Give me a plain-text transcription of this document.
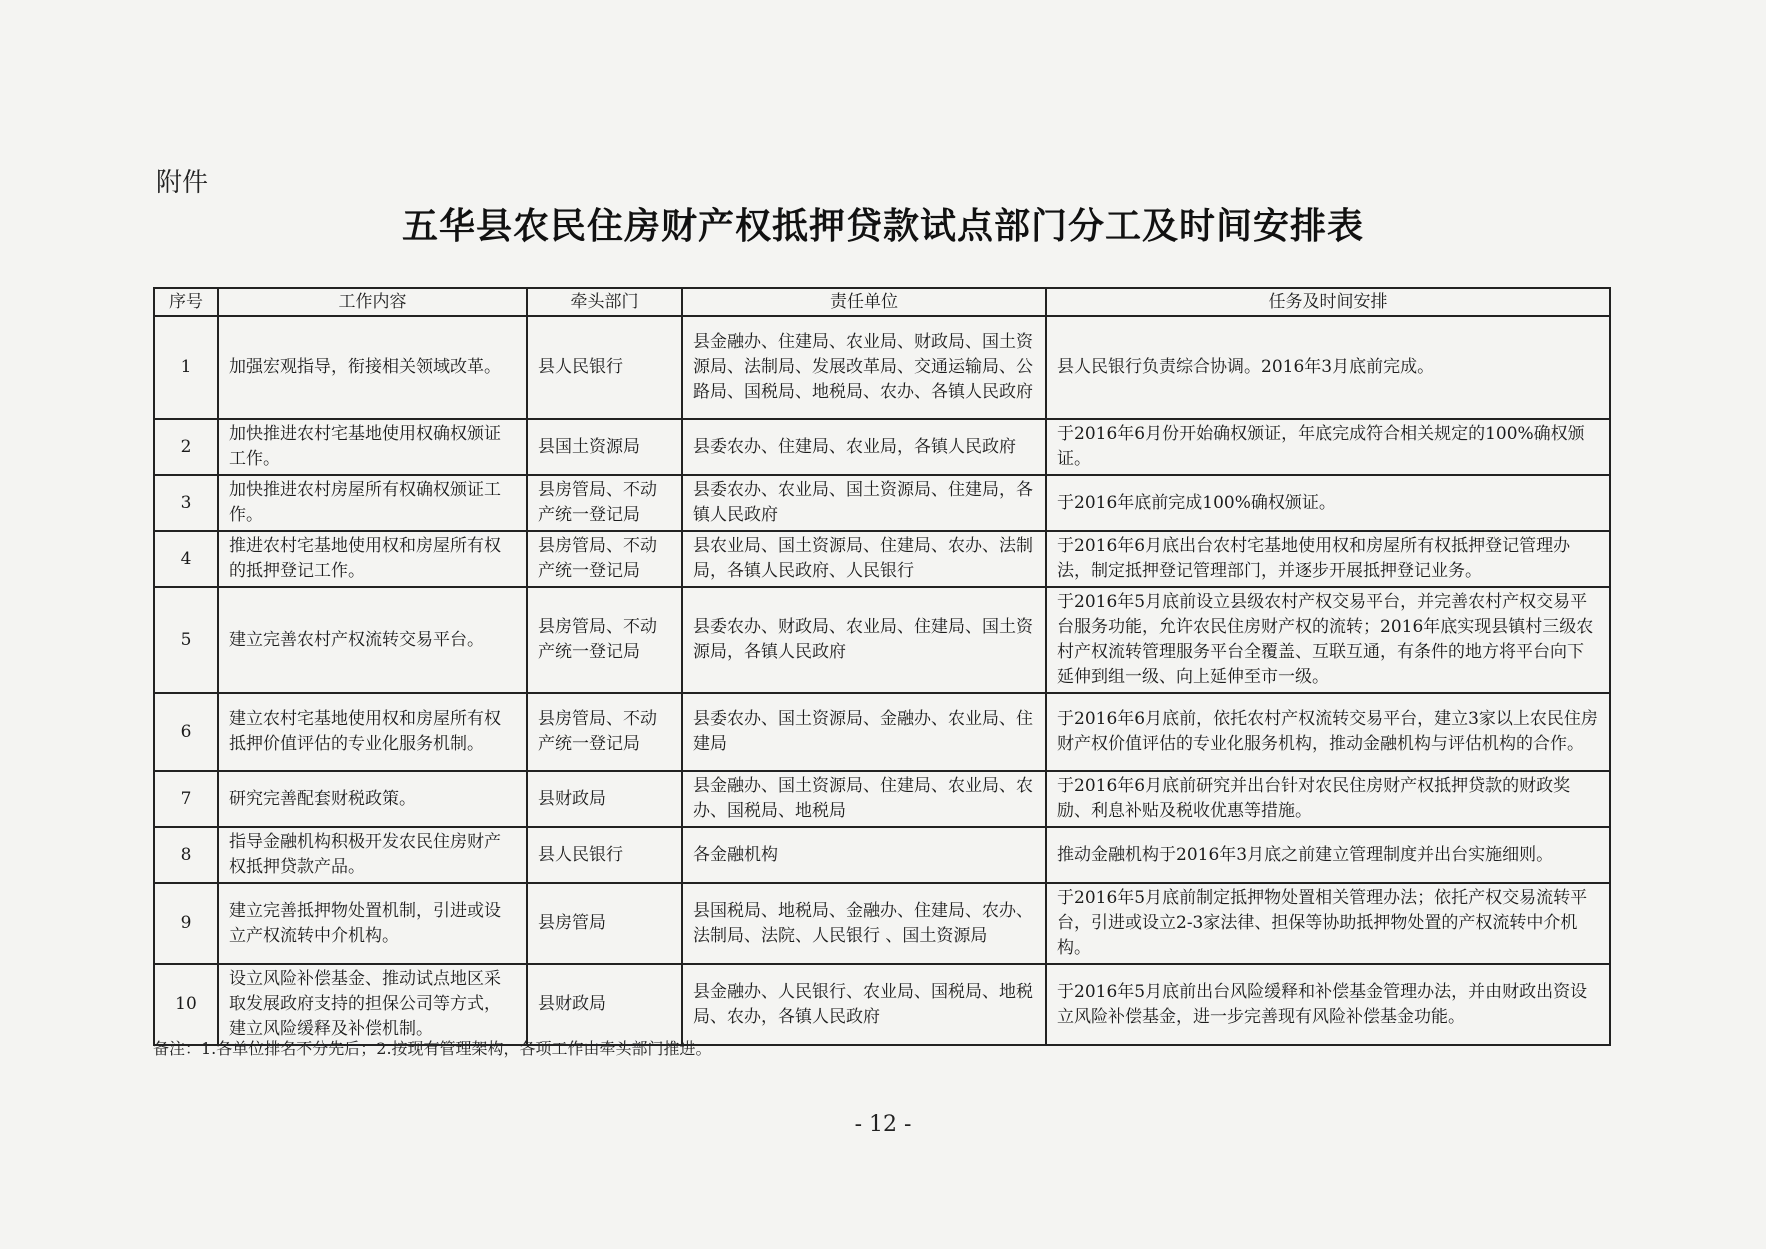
附件
五华县农民住房财产权抵押贷款试点部门分工及时间安排表
序号	工作内容	牵头部门	责任单位	任务及时间安排
1	加强宏观指导，衔接相关领域改革。	县人民银行	县金融办、住建局、农业局、财政局、国土资源局、法制局、发展改革局、交通运输局、公路局、国税局、地税局、农办、各镇人民政府	县人民银行负责综合协调。2016年3月底前完成。
2	加快推进农村宅基地使用权确权颁证工作。	县国土资源局	县委农办、住建局、农业局，各镇人民政府	于2016年6月份开始确权颁证，年底完成符合相关规定的100%确权颁证。
3	加快推进农村房屋所有权确权颁证工作。	县房管局、不动产统一登记局	县委农办、农业局、国土资源局、住建局，各镇人民政府	于2016年底前完成100%确权颁证。
4	推进农村宅基地使用权和房屋所有权的抵押登记工作。	县房管局、不动产统一登记局	县农业局、国土资源局、住建局、农办、法制局，各镇人民政府、人民银行	于2016年6月底出台农村宅基地使用权和房屋所有权抵押登记管理办法，制定抵押登记管理部门，并逐步开展抵押登记业务。
5	建立完善农村产权流转交易平台。	县房管局、不动产统一登记局	县委农办、财政局、农业局、住建局、国土资源局，各镇人民政府	于2016年5月底前设立县级农村产权交易平台，并完善农村产权交易平台服务功能，允许农民住房财产权的流转；2016年底实现县镇村三级农村产权流转管理服务平台全覆盖、互联互通，有条件的地方将平台向下延伸到组一级、向上延伸至市一级。
6	建立农村宅基地使用权和房屋所有权抵押价值评估的专业化服务机制。	县房管局、不动产统一登记局	县委农办、国土资源局、金融办、农业局、住建局	于2016年6月底前，依托农村产权流转交易平台，建立3家以上农民住房财产权价值评估的专业化服务机构，推动金融机构与评估机构的合作。
7	研究完善配套财税政策。	县财政局	县金融办、国土资源局、住建局、农业局、农办、国税局、地税局	于2016年6月底前研究并出台针对农民住房财产权抵押贷款的财政奖励、利息补贴及税收优惠等措施。
8	指导金融机构积极开发农民住房财产权抵押贷款产品。	县人民银行	各金融机构	推动金融机构于2016年3月底之前建立管理制度并出台实施细则。
9	建立完善抵押物处置机制，引进或设立产权流转中介机构。	县房管局	县国税局、地税局、金融办、住建局、农办、法制局、法院、人民银行 、国土资源局	于2016年5月底前制定抵押物处置相关管理办法；依托产权交易流转平台，引进或设立2-3家法律、担保等协助抵押物处置的产权流转中介机构。
10	设立风险补偿基金、推动试点地区采取发展政府支持的担保公司等方式，建立风险缓释及补偿机制。	县财政局	县金融办、人民银行、农业局、国税局、地税局、农办，各镇人民政府	于2016年5月底前出台风险缓释和补偿基金管理办法，并由财政出资设立风险补偿基金，进一步完善现有风险补偿基金功能。
备注：1.各单位排名不分先后；2.按现有管理架构，各项工作由牵头部门推进。
- 12 -
